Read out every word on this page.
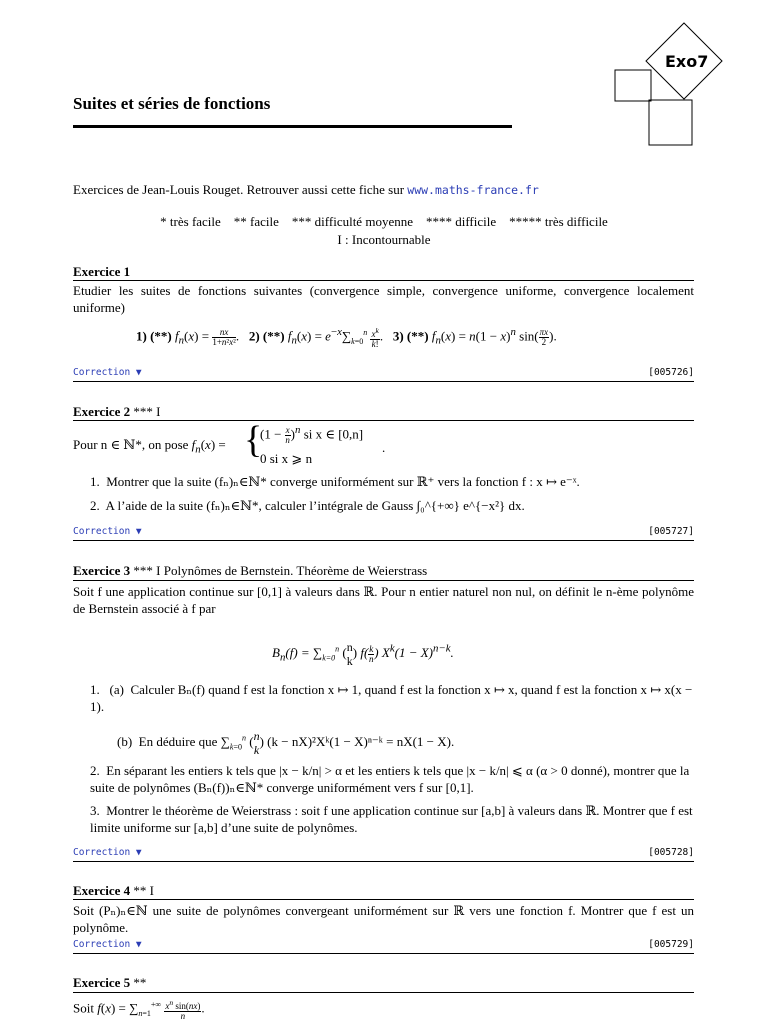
Suites et séries de fonctions
Exo7
Exercices de Jean-Louis Rouget. Retrouver aussi cette fiche sur www.maths-france.fr
* très facile    ** facile    *** difficulté moyenne    **** difficile    ***** très difficile
I : Incontournable
Exercice 1
Etudier les suites de fonctions suivantes (convergence simple, convergence uniforme, convergence localement uniforme)
1) (**) $f_n(x) = \frac{nx}{\text{1+n²x²}}$ .   2) (**) $f_n(x) = e^{-x}\sum_{k=0}^n \frac{x^k}{k!}$ .   3) (**) $f_n(x) = n(1 - x)^n$ $\sin( \frac{\pi x}{2}$ ).
Correction ▼	[005726]
Exercice 2 *** I
Pour n ∈ ℕ*, on pose $f_n(x)$ = {
$(1 - \frac{x}{n} )^n$ si x ∈ [0,n]
0 si x ⩾ n
.
1.  Montrer que la suite (fₙ)ₙ∈ℕ* converge uniformément sur ℝ⁺ vers la fonction f : x ↦ e⁻ˣ.
2.  A l’aide de la suite (fₙ)ₙ∈ℕ*, calculer l’intégrale de Gauss ∫₀^{+∞} e^{−x²} dx.
Correction ▼	[005727]
Exercice 3 *** I Polynômes de Bernstein. Théorème de Weierstrass
Soit f une application continue sur [0,1] à valeurs dans ℝ. Pour n entier naturel non nul, on définit le n-ème polynôme de Bernstein associé à f par
$B_n(f) = \sum_{k=0}^n$ ( n
k
) $f( \frac{k}{n}$ ) $X^k(1 - X)^{n-k}$.
1.   (a)  Calculer Bₙ(f) quand f est la fonction x ↦ 1, quand f est la fonction x ↦ x, quand f est la fonction x ↦ x(x − 1).
(b)  En déduire que $\sum_{k=0}^n$ ( n
k
) (k − nX)²Xᵏ(1 − X)ⁿ⁻ᵏ = nX(1 − X).
2.  En séparant les entiers k tels que |x − k/n| > α et les entiers k tels que |x − k/n| ⩽ α (α > 0 donné), montrer que la suite de polynômes (Bₙ(f))ₙ∈ℕ* converge uniformément vers f sur [0,1].
3.  Montrer le théorème de Weierstrass : soit f une application continue sur [a,b] à valeurs dans ℝ. Montrer que f est limite uniforme sur [a,b] d’une suite de polynômes.
Correction ▼	[005728]
Exercice 4 ** I
Soit (Pₙ)ₙ∈ℕ une suite de polynômes convergeant uniformément sur ℝ vers une fonction f. Montrer que f est un polynôme.
Correction ▼	[005729]
Exercice 5 **
Soit $f(x) = \sum_{n=1}^{+\infty} \frac{x^n \sin(nx)}{n}$ .
